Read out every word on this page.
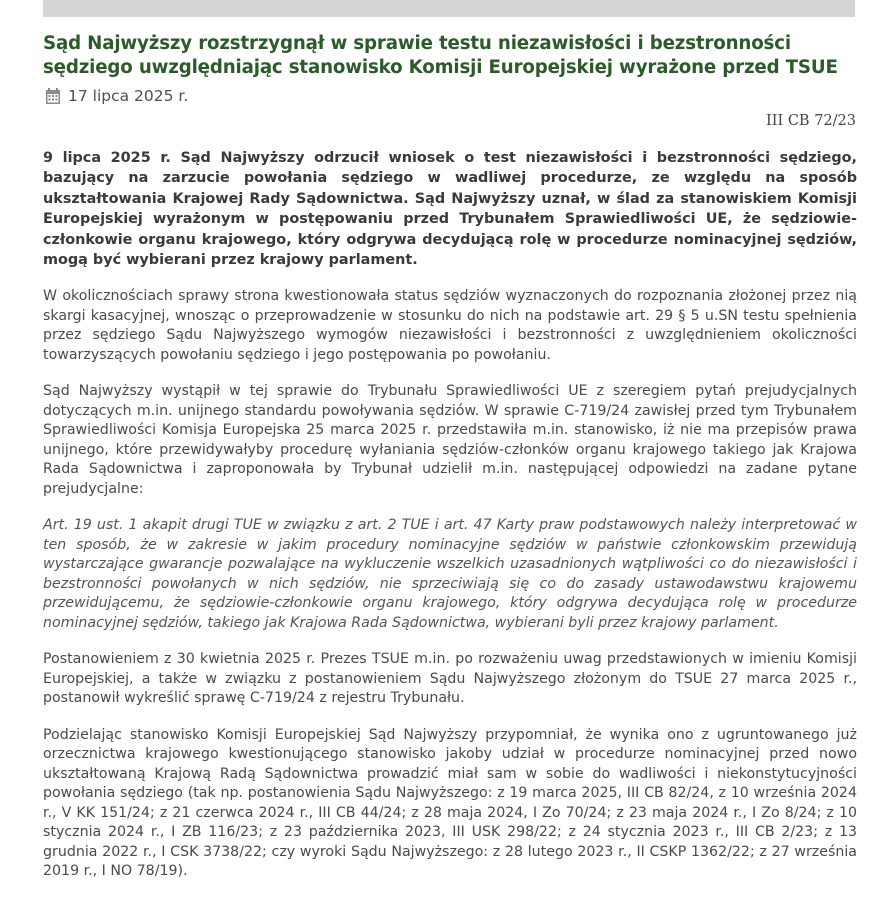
Sąd Najwyższy rozstrzygnął w sprawie testu niezawisłości i bezstronności sędziego uwzględniając stanowisko Komisji Europejskiej wyrażone przed TSUE
17 lipca 2025 r.
III CB 72/23

9 lipca 2025 r. Sąd Najwyższy odrzucił wniosek o test niezawisłości i bezstronności sędziego, bazujący na zarzucie powołania sędziego w wadliwej procedurze, ze względu na sposób ukształtowania Krajowej Rady Sądownictwa. Sąd Najwyższy uznał, w ślad za stanowiskiem Komisji Europejskiej wyrażonym w postępowaniu przed Trybunałem Sprawiedliwości UE, że sędziowie-członkowie organu krajowego, który odgrywa decydującą rolę w procedurze nominacyjnej sędziów, mogą być wybierani przez krajowy parlament.

W okolicznościach sprawy strona kwestionowała status sędziów wyznaczonych do rozpoznania złożonej przez nią skargi kasacyjnej, wnosząc o przeprowadzenie w stosunku do nich na podstawie art. 29 § 5 u.SN testu spełnienia przez sędziego Sądu Najwyższego wymogów niezawisłości i bezstronności z uwzględnieniem okoliczności towarzyszących powołaniu sędziego i jego postępowania po powołaniu.

Sąd Najwyższy wystąpił w tej sprawie do Trybunału Sprawiedliwości UE z szeregiem pytań prejudycjalnych dotyczących m.in. unijnego standardu powoływania sędziów. W sprawie C-719/24 zawisłej przed tym Trybunałem Sprawiedliwości Komisja Europejska 25 marca 2025 r. przedstawiła m.in. stanowisko, iż nie ma przepisów prawa unijnego, które przewidywałyby procedurę wyłaniania sędziów-członków organu krajowego takiego jak Krajowa Rada Sądownictwa i zaproponowała by Trybunał udzielił m.in. następującej odpowiedzi na zadane pytane prejudycjalne:

Art. 19 ust. 1 akapit drugi TUE w związku z art. 2 TUE i art. 47 Karty praw podstawowych należy interpretować w ten sposób, że w zakresie w jakim procedury nominacyjne sędziów w państwie członkowskim przewidują wystarczające gwarancje pozwalające na wykluczenie wszelkich uzasadnionych wątpliwości co do niezawisłości i bezstronności powołanych w nich sędziów, nie sprzeciwiają się co do zasady ustawodawstwu krajowemu przewidującemu, że sędziowie-członkowie organu krajowego, który odgrywa decydująca rolę w procedurze nominacyjnej sędziów, takiego jak Krajowa Rada Sądownictwa, wybierani byli przez krajowy parlament.

Postanowieniem z 30 kwietnia 2025 r. Prezes TSUE m.in. po rozważeniu uwag przedstawionych w imieniu Komisji Europejskiej, a także w związku z postanowieniem Sądu Najwyższego złożonym do TSUE 27 marca 2025 r., postanowił wykreślić sprawę C-719/24 z rejestru Trybunału.

Podzielając stanowisko Komisji Europejskiej Sąd Najwyższy przypomniał, że wynika ono z ugruntowanego już orzecznictwa krajowego kwestionującego stanowisko jakoby udział w procedurze nominacyjnej przed nowo ukształtowaną Krajową Radą Sądownictwa prowadzić miał sam w sobie do wadliwości i niekonstytucyjności powołania sędziego (tak np. postanowienia Sądu Najwyższego: z 19 marca 2025, III CB 82/24, z 10 września 2024 r., V KK 151/24; z 21 czerwca 2024 r., III CB 44/24; z 28 maja 2024, I Zo 70/24; z 23 maja 2024 r., I Zo 8/24; z 10 stycznia 2024 r., I ZB 116/23; z 23 października 2023, III USK 298/22; z 24 stycznia 2023 r., III CB 2/23; z 13 grudnia 2022 r., I CSK 3738/22; czy wyroki Sądu Najwyższego: z 28 lutego 2023 r., II CSKP 1362/22; z 27 września 2019 r., I NO 78/19).
